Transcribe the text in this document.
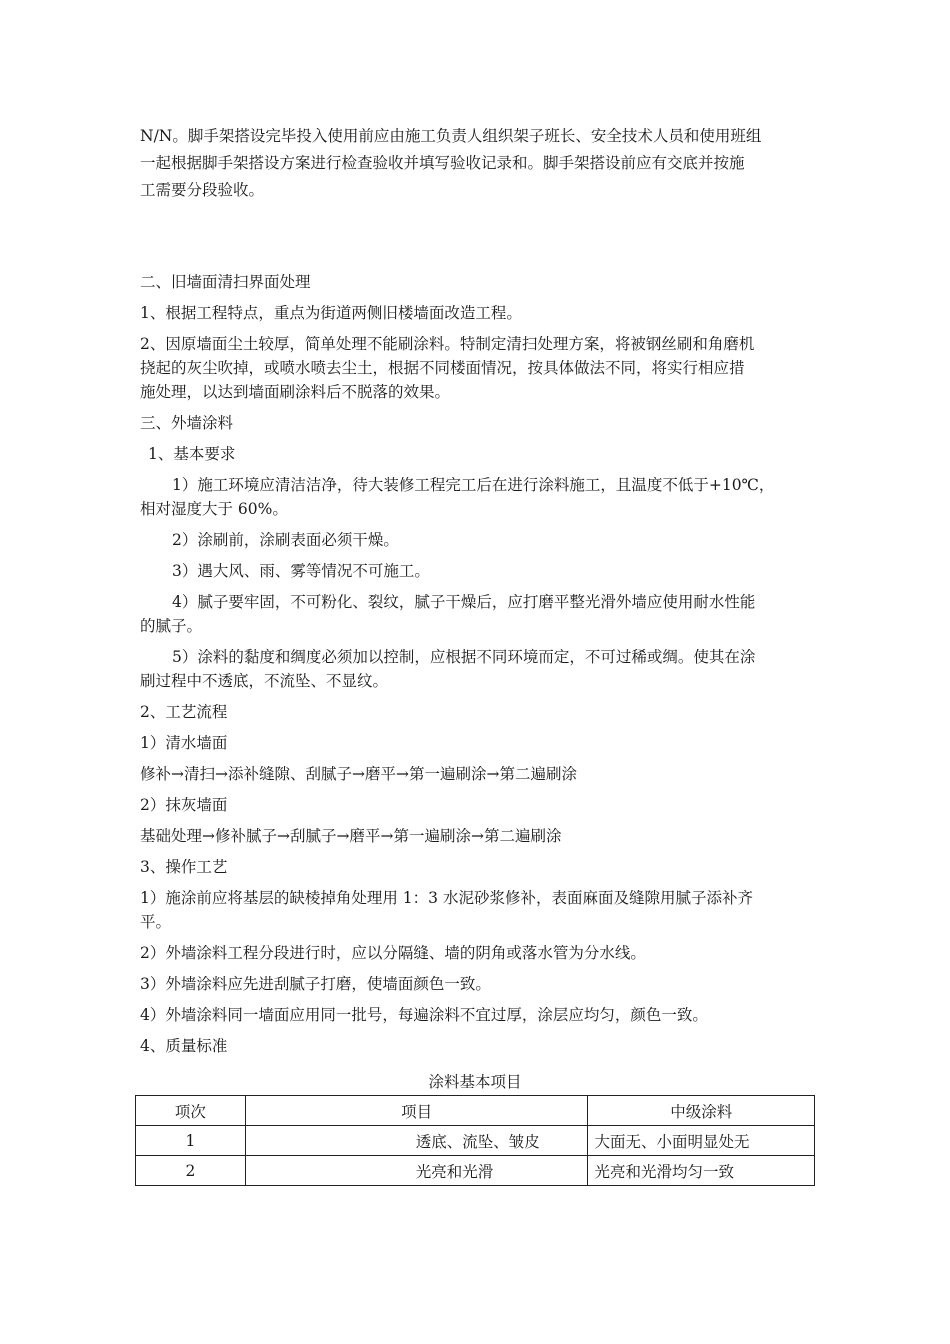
N/N。脚手架搭设完毕投入使用前应由施工负责人组织架子班长、安全技术人员和使用班组

一起根据脚手架搭设方案进行检查验收并填写验收记录和。脚手架搭设前应有交底并按施

工需要分段验收。

二、旧墙面清扫界面处理

1、根据工程特点，重点为街道两侧旧楼墙面改造工程。

2、因原墙面尘土较厚，简单处理不能刷涂料。特制定清扫处理方案，将被钢丝刷和角磨机

挠起的灰尘吹掉，或喷水喷去尘土，根据不同楼面情况，按具体做法不同，将实行相应措

施处理，以达到墙面刷涂料后不脱落的效果。

三、外墙涂料

1、基本要求

1）施工环境应清洁洁净，待大装修工程完工后在进行涂料施工，且温度不低于+10℃，

相对湿度大于 60%。

2）涂刷前，涂刷表面必须干燥。

3）遇大风、雨、雾等情况不可施工。

4）腻子要牢固，不可粉化、裂纹，腻子干燥后，应打磨平整光滑外墙应使用耐水性能

的腻子。

5）涂料的黏度和绸度必须加以控制，应根据不同环境而定，不可过稀或绸。使其在涂

刷过程中不透底，不流坠、不显纹。

2、工艺流程

1）清水墙面

修补→清扫→添补缝隙、刮腻子→磨平→第一遍刷涂→第二遍刷涂

2）抹灰墙面

基础处理→修补腻子→刮腻子→磨平→第一遍刷涂→第二遍刷涂

3、操作工艺

1）施涂前应将基层的缺棱掉角处理用 1：3 水泥砂浆修补，表面麻面及缝隙用腻子添补齐

平。

2）外墙涂料工程分段进行时，应以分隔缝、墙的阴角或落水管为分水线。

3）外墙涂料应先进刮腻子打磨，使墙面颜色一致。

4）外墙涂料同一墙面应用同一批号，每遍涂料不宜过厚，涂层应均匀，颜色一致。

4、质量标准

涂料基本项目
项次	项目	中级涂料
1	透底、流坠、皱皮	大面无、小面明显处无
2	光亮和光滑	光亮和光滑均匀一致
